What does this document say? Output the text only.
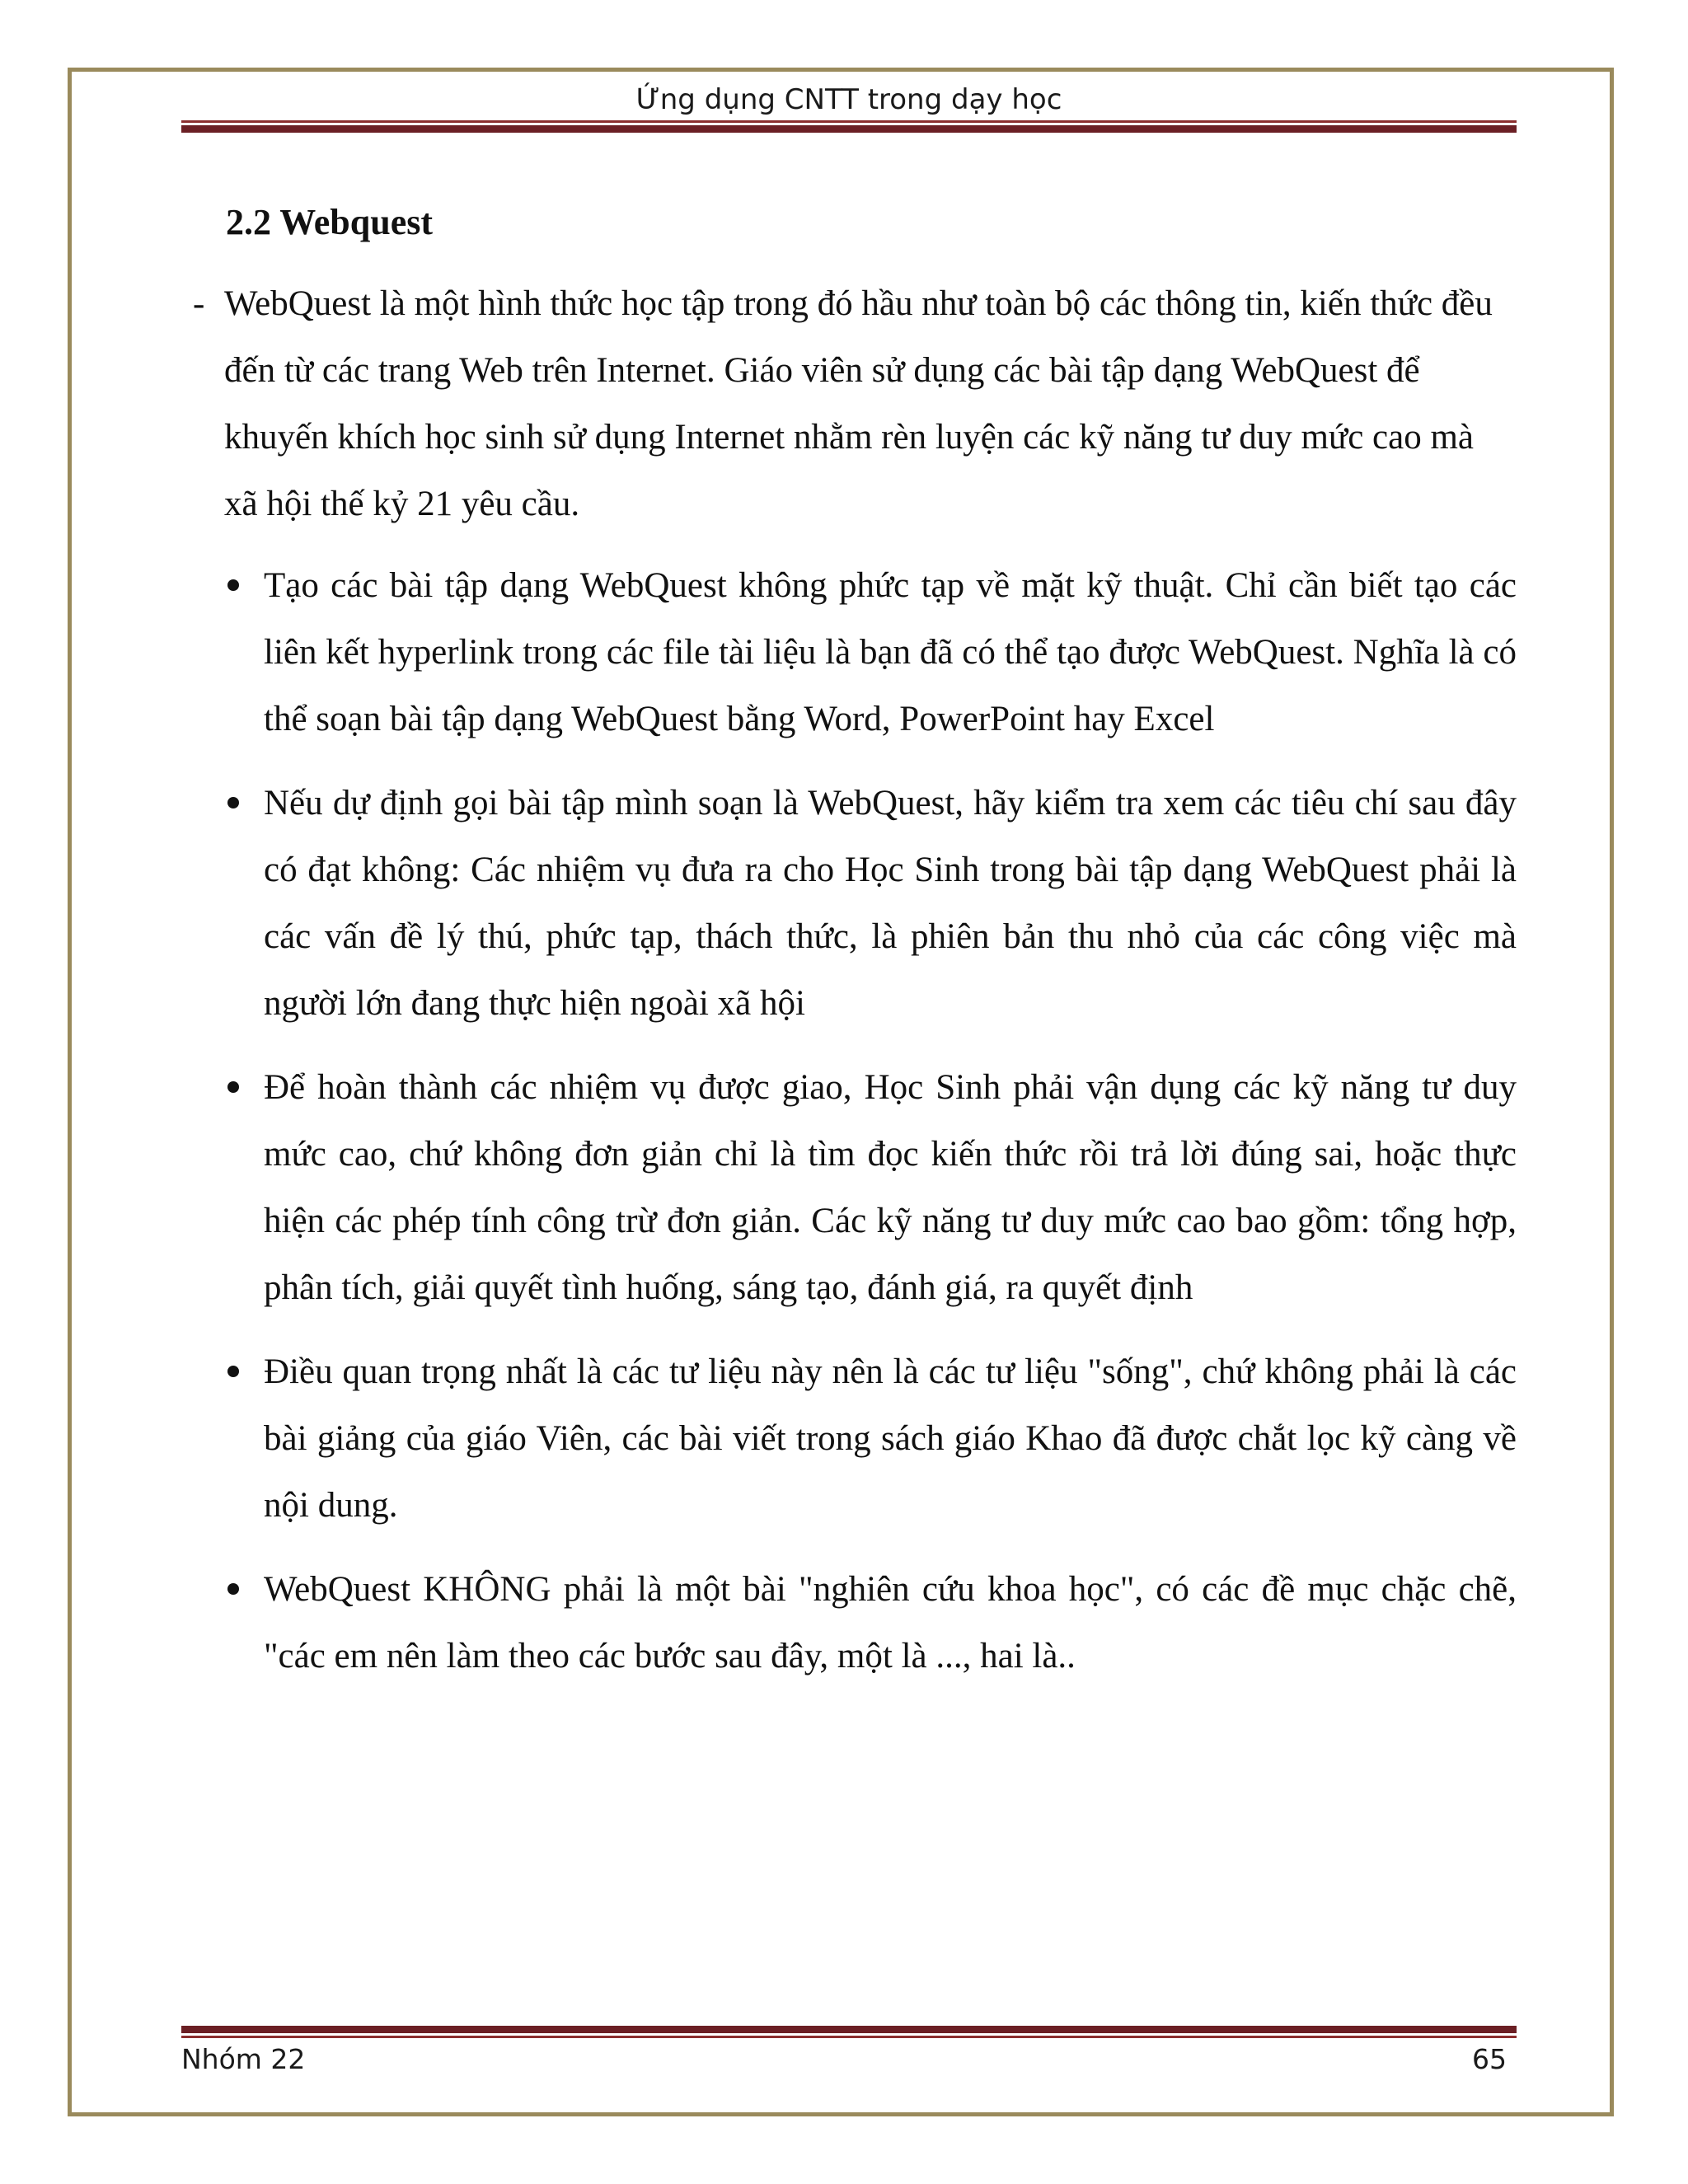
Ứng dụng CNTT trong dạy học
2.2 Webquest
- WebQuest là một hình thức học tập trong đó hầu như toàn bộ các thông tin, kiến thức đều đến từ các trang Web trên Internet. Giáo viên sử dụng các bài tập dạng WebQuest để khuyến khích học sinh sử dụng Internet nhằm rèn luyện các kỹ năng tư duy mức cao mà xã hội thế kỷ 21 yêu cầu.
Tạo các bài tập dạng WebQuest không phức tạp về mặt kỹ thuật. Chỉ cần biết tạo các liên kết hyperlink trong các file tài liệu là bạn đã có thể tạo được WebQuest. Nghĩa là có thể soạn bài tập dạng WebQuest bằng Word, PowerPoint hay Excel
Nếu dự định gọi bài tập mình soạn là WebQuest, hãy kiểm tra xem các tiêu chí sau đây có đạt không: Các nhiệm vụ đưa ra cho Học Sinh trong bài tập dạng WebQuest phải là các vấn đề lý thú, phức tạp, thách thức, là phiên bản thu nhỏ của các công việc mà người lớn đang thực hiện ngoài xã hội
Để hoàn thành các nhiệm vụ được giao, Học Sinh phải vận dụng các kỹ năng tư duy mức cao, chứ không đơn giản chỉ là tìm đọc kiến thức rồi trả lời đúng sai, hoặc thực hiện các phép tính công trừ đơn giản. Các kỹ năng tư duy mức cao bao gồm: tổng hợp, phân tích, giải quyết tình huống, sáng tạo, đánh giá, ra quyết định
Điều quan trọng nhất là các tư liệu này nên là các tư liệu "sống", chứ không phải là các bài giảng của giáo Viên, các bài viết trong sách giáo Khao đã được chắt lọc kỹ càng về nội dung.
WebQuest KHÔNG phải là một bài "nghiên cứu khoa học", có các đề mục chặc chẽ, "các em nên làm theo các bước sau đây, một là ..., hai là..
Nhóm 22	65
